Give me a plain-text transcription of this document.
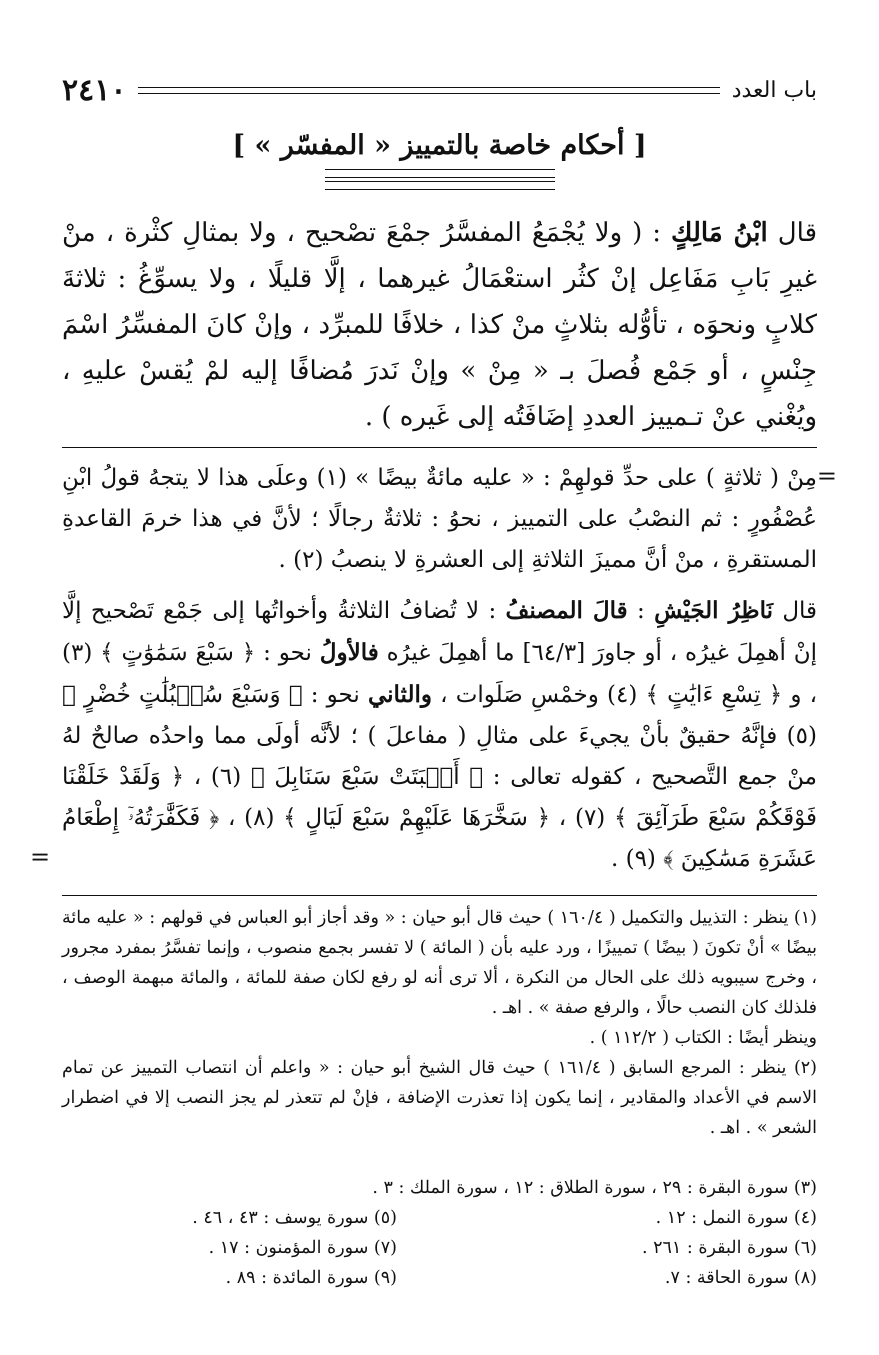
٢٤١٠	باب العدد
[ أحكام خاصة بالتمييز « المفسّر » ]
قال ابْنُ مَالِكٍ : ( ولا يُجْمَعُ المفسَّرُ جمْعَ تصْحيح ، ولا بمثالِ كثْرة ، منْ غيرِ بَابِ مَفَاعِل إنْ كثُر استعْمَالُ غيرهما ، إلَّا قليلًا ، ولا يسوِّغُ : ثلاثةَ كلابٍ ونحوَه ، تأوُّله بثلاثٍ منْ كذا ، خلافًا للمبرِّد ، وإنْ كانَ المفسِّرُ اسْمَ جِنْسٍ ، أو جَمْع فُصلَ بـ « مِنْ » وإنْ نَدرَ مُضافًا إليه لمْ يُقسْ عليهِ ، ويُغْني عنْ تـمييز العددِ إضَافَتُه إلى غَيره ) .
=
مِنْ ( ثلاثةٍ ) على حدِّ قولهِمْ : « عليه مائةٌ بيضًا » (١) وعلَى هذا لا يتجهُ قولُ ابْنِ عُصْفُورٍ : ثم النصْبُ على التمييز ، نحوُ : ثلاثةٌ رجالًا ؛ لأنَّ في هذا خرمَ القاعدةِ المستقرةِ ، منْ أنَّ مميزَ الثلاثةِ إلى العشرةِ لا ينصبُ (٢) .
قال نَاظِرُ الجَيْشِ : قالَ المصنفُ : لا تُضافُ الثلاثةُ وأخواتُها إلى جَمْع تَصْحيح إلَّا إنْ أهمِلَ غيرُه ، أو جاورَ [٦٤/٣] ما أهمِلَ غيرُه فالأولُ نحو : ﴿ سَبْعَ سَمَٰوَٰتٍ ﴾ (٣) ، و ﴿ تِسْعِ ءَايَٰتٍ ﴾ (٤) وخمْسِ صَلَوات ، والثاني نحو : ﴿ وَسَبْعَ سُنۢبُلَٰتٍ خُضْرٍ ﴾ (٥) فإنَّهُ حقيقٌ بأنْ يجيءَ على مثالِ ( مفاعلَ ) ؛ لأنَّه أولَى مما واحدُه صالحٌ لهُ منْ جمع التَّصحيح ، كقوله تعالى : ﴿ أَنۢبَتَتْ سَبْعَ سَنَابِلَ ﴾ (٦) ، ﴿ وَلَقَدْ خَلَقْنَا فَوْقَكُمْ سَبْعَ طَرَآئِقَ ﴾ (٧) ، ﴿ سَخَّرَهَا عَلَيْهِمْ سَبْعَ لَيَالٍ ﴾ (٨) ، ﴿ فَكَفَّٰرَتُهُۥٓ إِطْعَامُ عَشَرَةِ مَسَٰكِينَ ﴾ (٩) .
=

(١) ينظر : التذييل والتكميل ( ١٦٠/٤ ) حيث قال أبو حيان : « وقد أجاز أبو العباس في قولهم : « عليه مائة بيضًا » أنْ تكونَ ( بيضًا ) تمييزًا ، ورد عليه بأن ( المائة ) لا تفسر بجمع منصوب ، وإنما تفسَّرُ بمفرد مجرور ، وخرج سيبويه ذلك على الحال من النكرة ، ألا ترى أنه لو رفع لكان صفة للمائة ، والمائة مبهمة الوصف ، فلذلك كان النصب حالًا ، والرفع صفة » . اهـ .

وينظر أيضًا : الكتاب ( ١١٢/٢ ) .

(٢) ينظر : المرجع السابق ( ١٦١/٤ ) حيث قال الشيخ أبو حيان : « واعلم أن انتصاب التمييز عن تمام الاسم في الأعداد والمقادير ، إنما يكون إذا تعذرت الإضافة ، فإنْ لم تتعذر لم يجز النصب إلا في اضطرار الشعر » . اهـ .

(٣) سورة البقرة : ٢٩ ، سورة الطلاق : ١٢ ، سورة الملك : ٣ .
(٤) سورة النمل : ١٢ .
(٥) سورة يوسف : ٤٣ ، ٤٦ .
(٦) سورة البقرة : ٢٦١ .
(٧) سورة المؤمنون : ١٧ .
(٨) سورة الحاقة : ٧.
(٩) سورة المائدة : ٨٩ .
